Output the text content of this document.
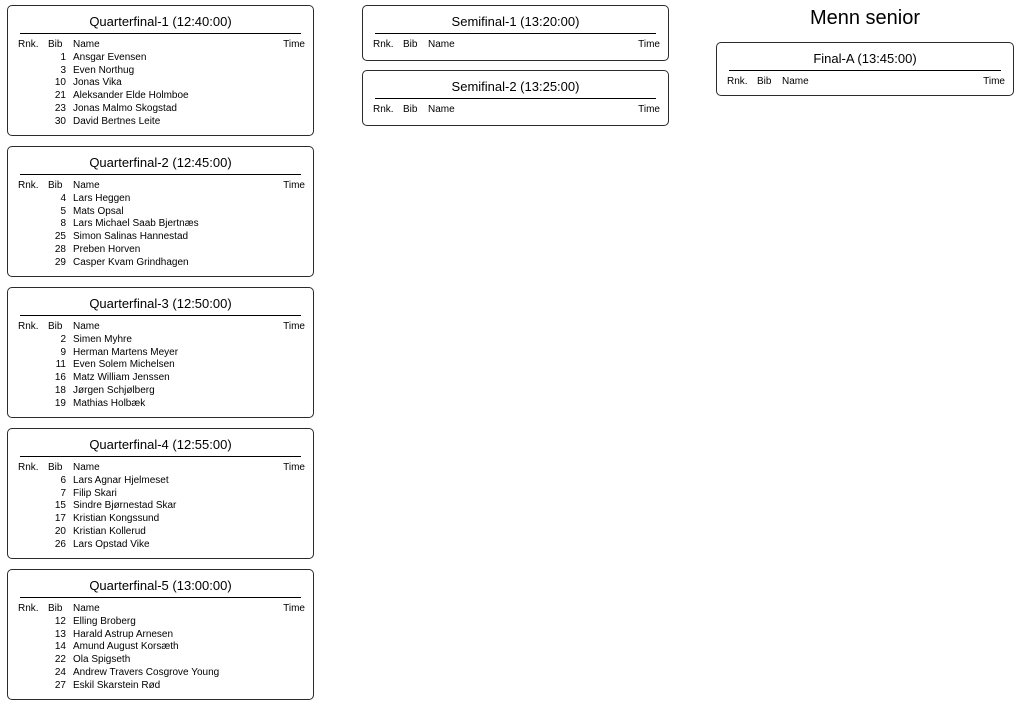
Menn senior
Quarterfinal-1 (12:40:00)
Rnk. Bib	Name	Time
1 Ansgar Evensen
3 Even Northug
10 Jonas Vika
21 Aleksander Elde Holmboe
23 Jonas Malmo Skogstad
30 David Bertnes Leite
Quarterfinal-2 (12:45:00)
Rnk. Bib	Name	Time
4 Lars Heggen
5 Mats Opsal
8 Lars Michael Saab Bjertnæs
25 Simon Salinas Hannestad
28 Preben Horven
29 Casper Kvam Grindhagen
Quarterfinal-3 (12:50:00)
Rnk. Bib	Name	Time
2 Simen Myhre
9 Herman Martens Meyer
11 Even Solem Michelsen
16 Matz William Jenssen
18 Jørgen Schjølberg
19 Mathias Holbæk
Quarterfinal-4 (12:55:00)
Rnk. Bib	Name	Time
6 Lars Agnar Hjelmeset
7 Filip Skari
15 Sindre Bjørnestad Skar
17 Kristian Kongssund
20 Kristian Kollerud
26 Lars Opstad Vike
Quarterfinal-5 (13:00:00)
Rnk. Bib	Name	Time
12 Elling Broberg
13 Harald Astrup Arnesen
14 Amund August Korsæth
22 Ola Spigseth
24 Andrew Travers Cosgrove Young
27 Eskil Skarstein Rød
Semifinal-1 (13:20:00)
Rnk. Bib	Name	Time
Semifinal-2 (13:25:00)
Rnk. Bib	Name	Time
Final-A (13:45:00)
Rnk. Bib	Name	Time
